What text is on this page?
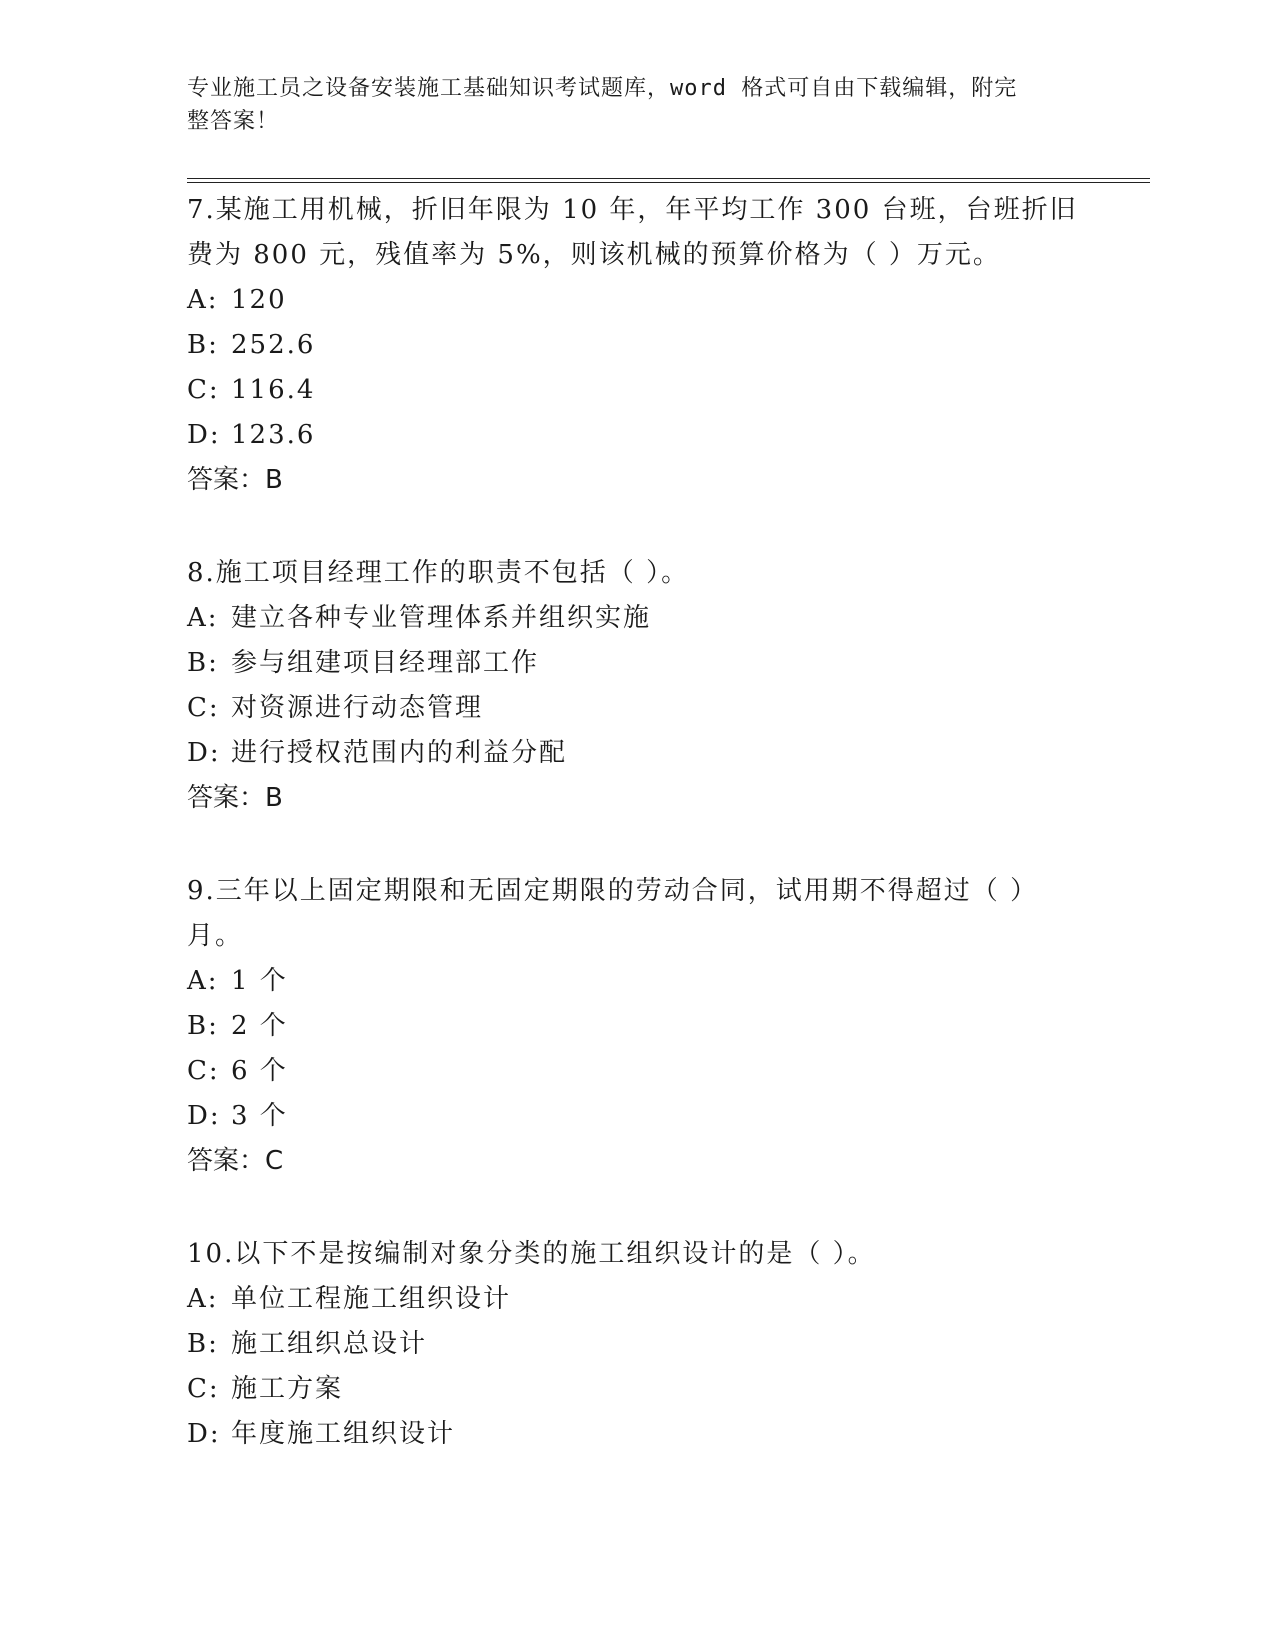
专业施工员之设备安装施工基础知识考试题库，word 格式可自由下载编辑，附完
整答案！

7.某施工用机械，折旧年限为 10 年，年平均工作 300 台班，台班折旧

费为 800 元，残值率为 5%，则该机械的预算价格为（ ）万元。

A: 120

B: 252.6

C: 116.4

D: 123.6

答案：B

8.施工项目经理工作的职责不包括（ ）。

A: 建立各种专业管理体系并组织实施

B: 参与组建项目经理部工作

C: 对资源进行动态管理

D: 进行授权范围内的利益分配

答案：B

9.三年以上固定期限和无固定期限的劳动合同，试用期不得超过（ ）

月。

A: 1 个

B: 2 个

C: 6 个

D: 3 个

答案：C

10.以下不是按编制对象分类的施工组织设计的是（ ）。

A: 单位工程施工组织设计

B: 施工组织总设计

C: 施工方案

D: 年度施工组织设计
